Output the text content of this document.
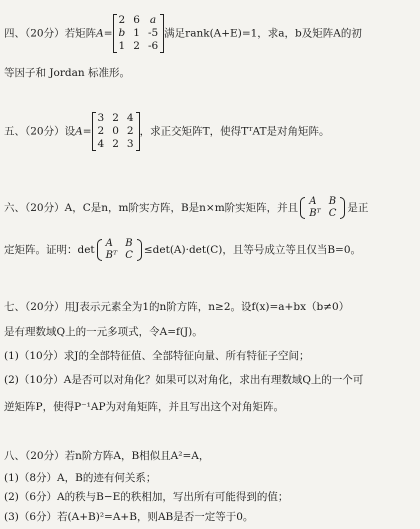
四、（20分）若矩阵A=
2	6	a
b	1	-5
1	2	-6
满足rank(A+E)=1，求a，b及矩阵A的初
等因子和 Jordan 标准形。
五、（20分）设A=
3	2	4
2	0	2
4	2	3
，求正交矩阵T，使得TᵀAT是对角矩阵。
六、（20分）A，C是n，m阶实方阵，B是n×m阶实矩阵，并且
A	B
Bᵀ	C 是正
定矩阵。证明：det
A	B
Bᵀ	C ≤det(A)·det(C)，且等号成立等且仅当B=0。
七、（20分）用J表示元素全为1的n阶方阵，n≥2。设f(x)=a+bx（b≠0）
是有理数域Q上的一元多项式，令A=f(J)。
(1)（10分）求J的全部特征值、全部特征向量、所有特征子空间；
(2)（10分）A是否可以对角化？如果可以对角化，求出有理数域Q上的一个可
逆矩阵P，使得P⁻¹AP为对角矩阵，并且写出这个对角矩阵。
八、（20分）若n阶方阵A，B相似且A²=A，
(1)（8分）A，B的迹有何关系；
(2)（6分）A的秩与B−E的秩相加，写出所有可能得到的值；
(3)（6分）若(A+B)²=A+B，则AB是否一定等于0。
